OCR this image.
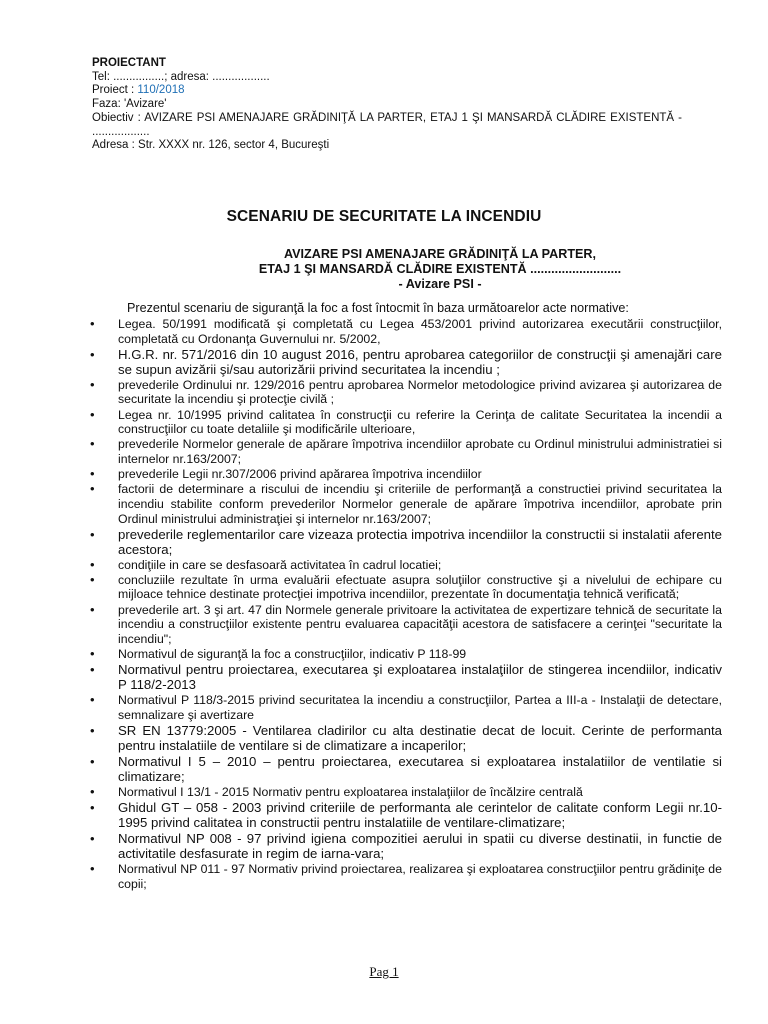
PROIECTANT
Tel: ................; adresa: ..................
Proiect : 110/2018
Faza: 'Avizare'
Obiectiv : AVIZARE PSI AMENAJARE GRĂDINIŢĂ LA PARTER, ETAJ 1 ŞI MANSARDĂ CLĂDIRE EXISTENTĂ - ..................
Adresa : Str. XXXX nr. 126, sector 4, Bucureşti
SCENARIU DE SECURITATE LA INCENDIU
AVIZARE PSI AMENAJARE GRĂDINIŢĂ LA PARTER,
ETAJ 1 ŞI MANSARDĂ CLĂDIRE EXISTENTĂ ..........................
- Avizare PSI -
Prezentul scenariu de siguranţă la foc a fost întocmit în baza următoarelor acte normative:
• Legea. 50/1991 modificată şi completată cu Legea 453/2001 privind autorizarea executării construcţiilor, completată cu Ordonanţa Guvernului nr. 5/2002,
• H.G.R. nr. 571/2016 din 10 august 2016, pentru aprobarea categoriilor de construcţii şi amenajări care se supun avizării şi/sau autorizării privind securitatea la incendiu ;
• prevederile Ordinului nr. 129/2016 pentru aprobarea Normelor metodologice privind avizarea şi autorizarea de securitate la incendiu şi protecţie civilă ;
• Legea nr. 10/1995 privind calitatea în construcţii cu referire la Cerinţa de calitate Securitatea la incendii a construcţiilor cu toate detaliile şi modificările ulterioare,
• prevederile Normelor generale de apărare împotriva incendiilor aprobate cu Ordinul ministrului administratiei si internelor nr.163/2007;
• prevederile Legii nr.307/2006 privind apărarea împotriva incendiilor
• factorii de determinare a riscului de incendiu şi criteriile de performanţă a constructiei privind securitatea la incendiu stabilite conform prevederilor Normelor generale de apărare împotriva incendiilor, aprobate prin Ordinul ministrului administraţiei şi internelor nr.163/2007;
• prevederile reglementarilor care vizeaza protectia impotriva incendiilor la constructii si instalatii aferente acestora;
• condiţiile in care se desfasoară activitatea în cadrul locatiei;
• concluziile rezultate în urma evaluării efectuate asupra soluţiilor constructive şi a nivelului de echipare cu mijloace tehnice destinate protecţiei impotriva incendiilor, prezentate în documentaţia tehnică verificată;
• prevederile art. 3 şi art. 47 din Normele generale privitoare la activitatea de expertizare tehnică de securitate la incendiu a construcţiilor existente pentru evaluarea capacităţii acestora de satisfacere a cerinţei "securitate la incendiu";
• Normativul de siguranţă la foc a construcţiilor, indicativ P 118-99
• Normativul pentru proiectarea, executarea şi exploatarea instalaţiilor de stingerea incendiilor, indicativ P 118/2-2013
• Normativul P 118/3-2015 privind securitatea la incendiu a construcţiilor, Partea a III-a - Instalaţii de detectare, semnalizare şi avertizare
• SR EN 13779:2005 - Ventilarea cladirilor cu alta destinatie decat de locuit. Cerinte de performanta pentru instalatiile de ventilare si de climatizare a incaperilor;
• Normativul I 5 – 2010 – pentru proiectarea, executarea si exploatarea instalatiilor de ventilatie si climatizare;
• Normativul I 13/1 - 2015 Normativ pentru exploatarea instalaţiilor de încălzire centrală
• Ghidul GT – 058 - 2003 privind criteriile de performanta ale cerintelor de calitate conform Legii nr.10-1995 privind calitatea in constructii pentru instalatiile de ventilare-climatizare;
• Normativul NP 008 - 97 privind igiena compozitiei aerului in spatii cu diverse destinatii, in functie de activitatile desfasurate in regim de iarna-vara;
• Normativul NP 011 - 97 Normativ privind proiectarea, realizarea şi exploatarea construcţiilor pentru grădiniţe de copii;
Pag 1
